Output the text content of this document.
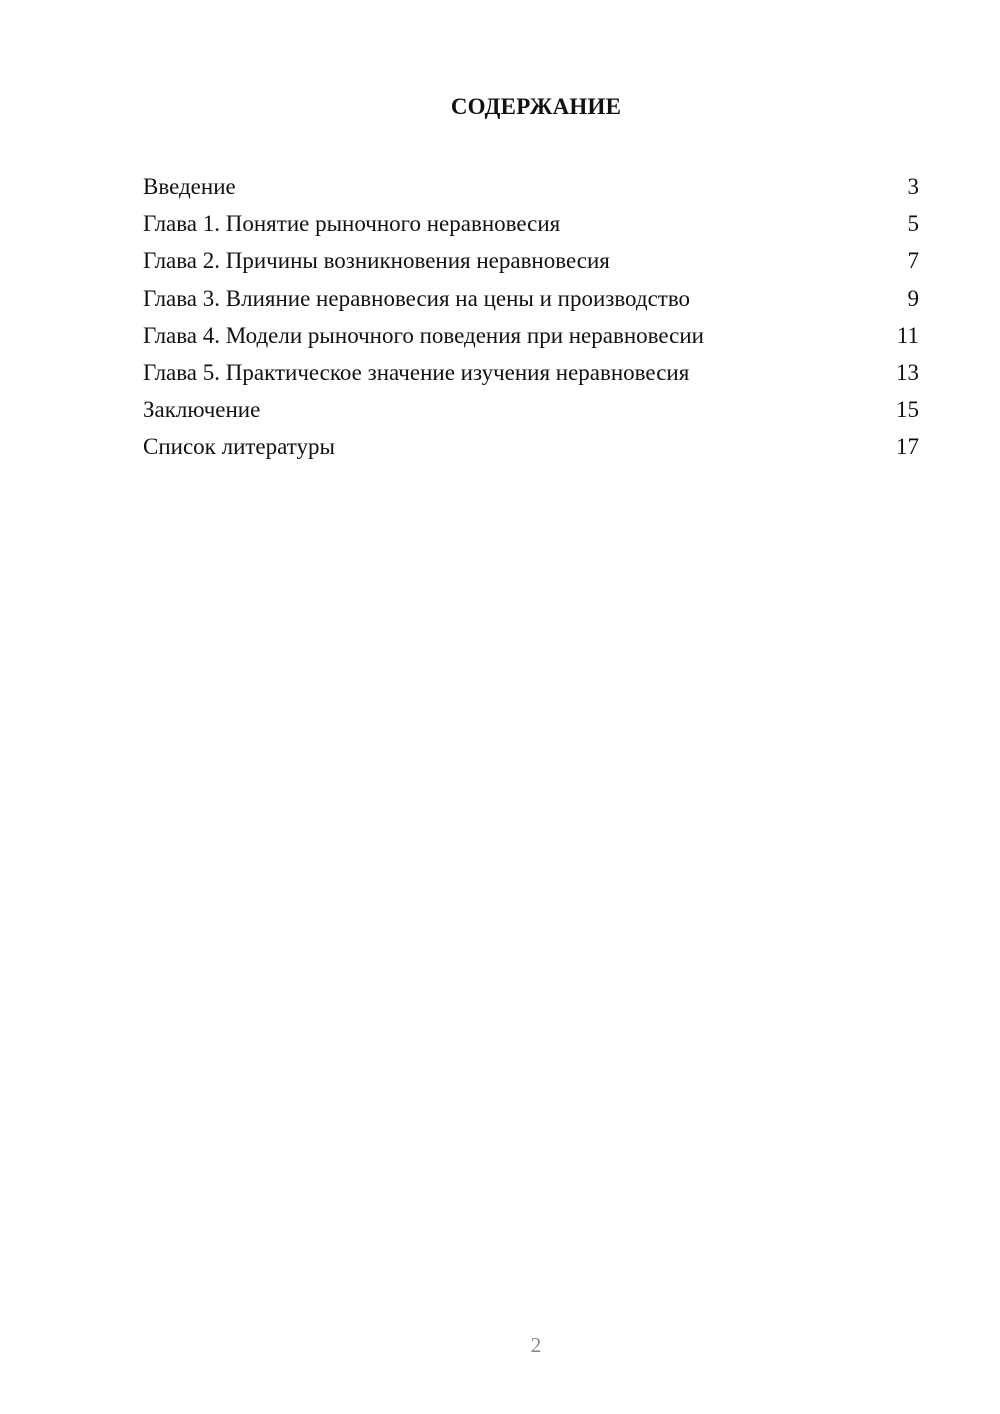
СОДЕРЖАНИЕ
Введение	3
Глава 1. Понятие рыночного неравновесия	5
Глава 2. Причины возникновения неравновесия	7
Глава 3. Влияние неравновесия на цены и производство	9
Глава 4. Модели рыночного поведения при неравновесии	11
Глава 5. Практическое значение изучения неравновесия	13
Заключение	15
Список литературы	17
2
